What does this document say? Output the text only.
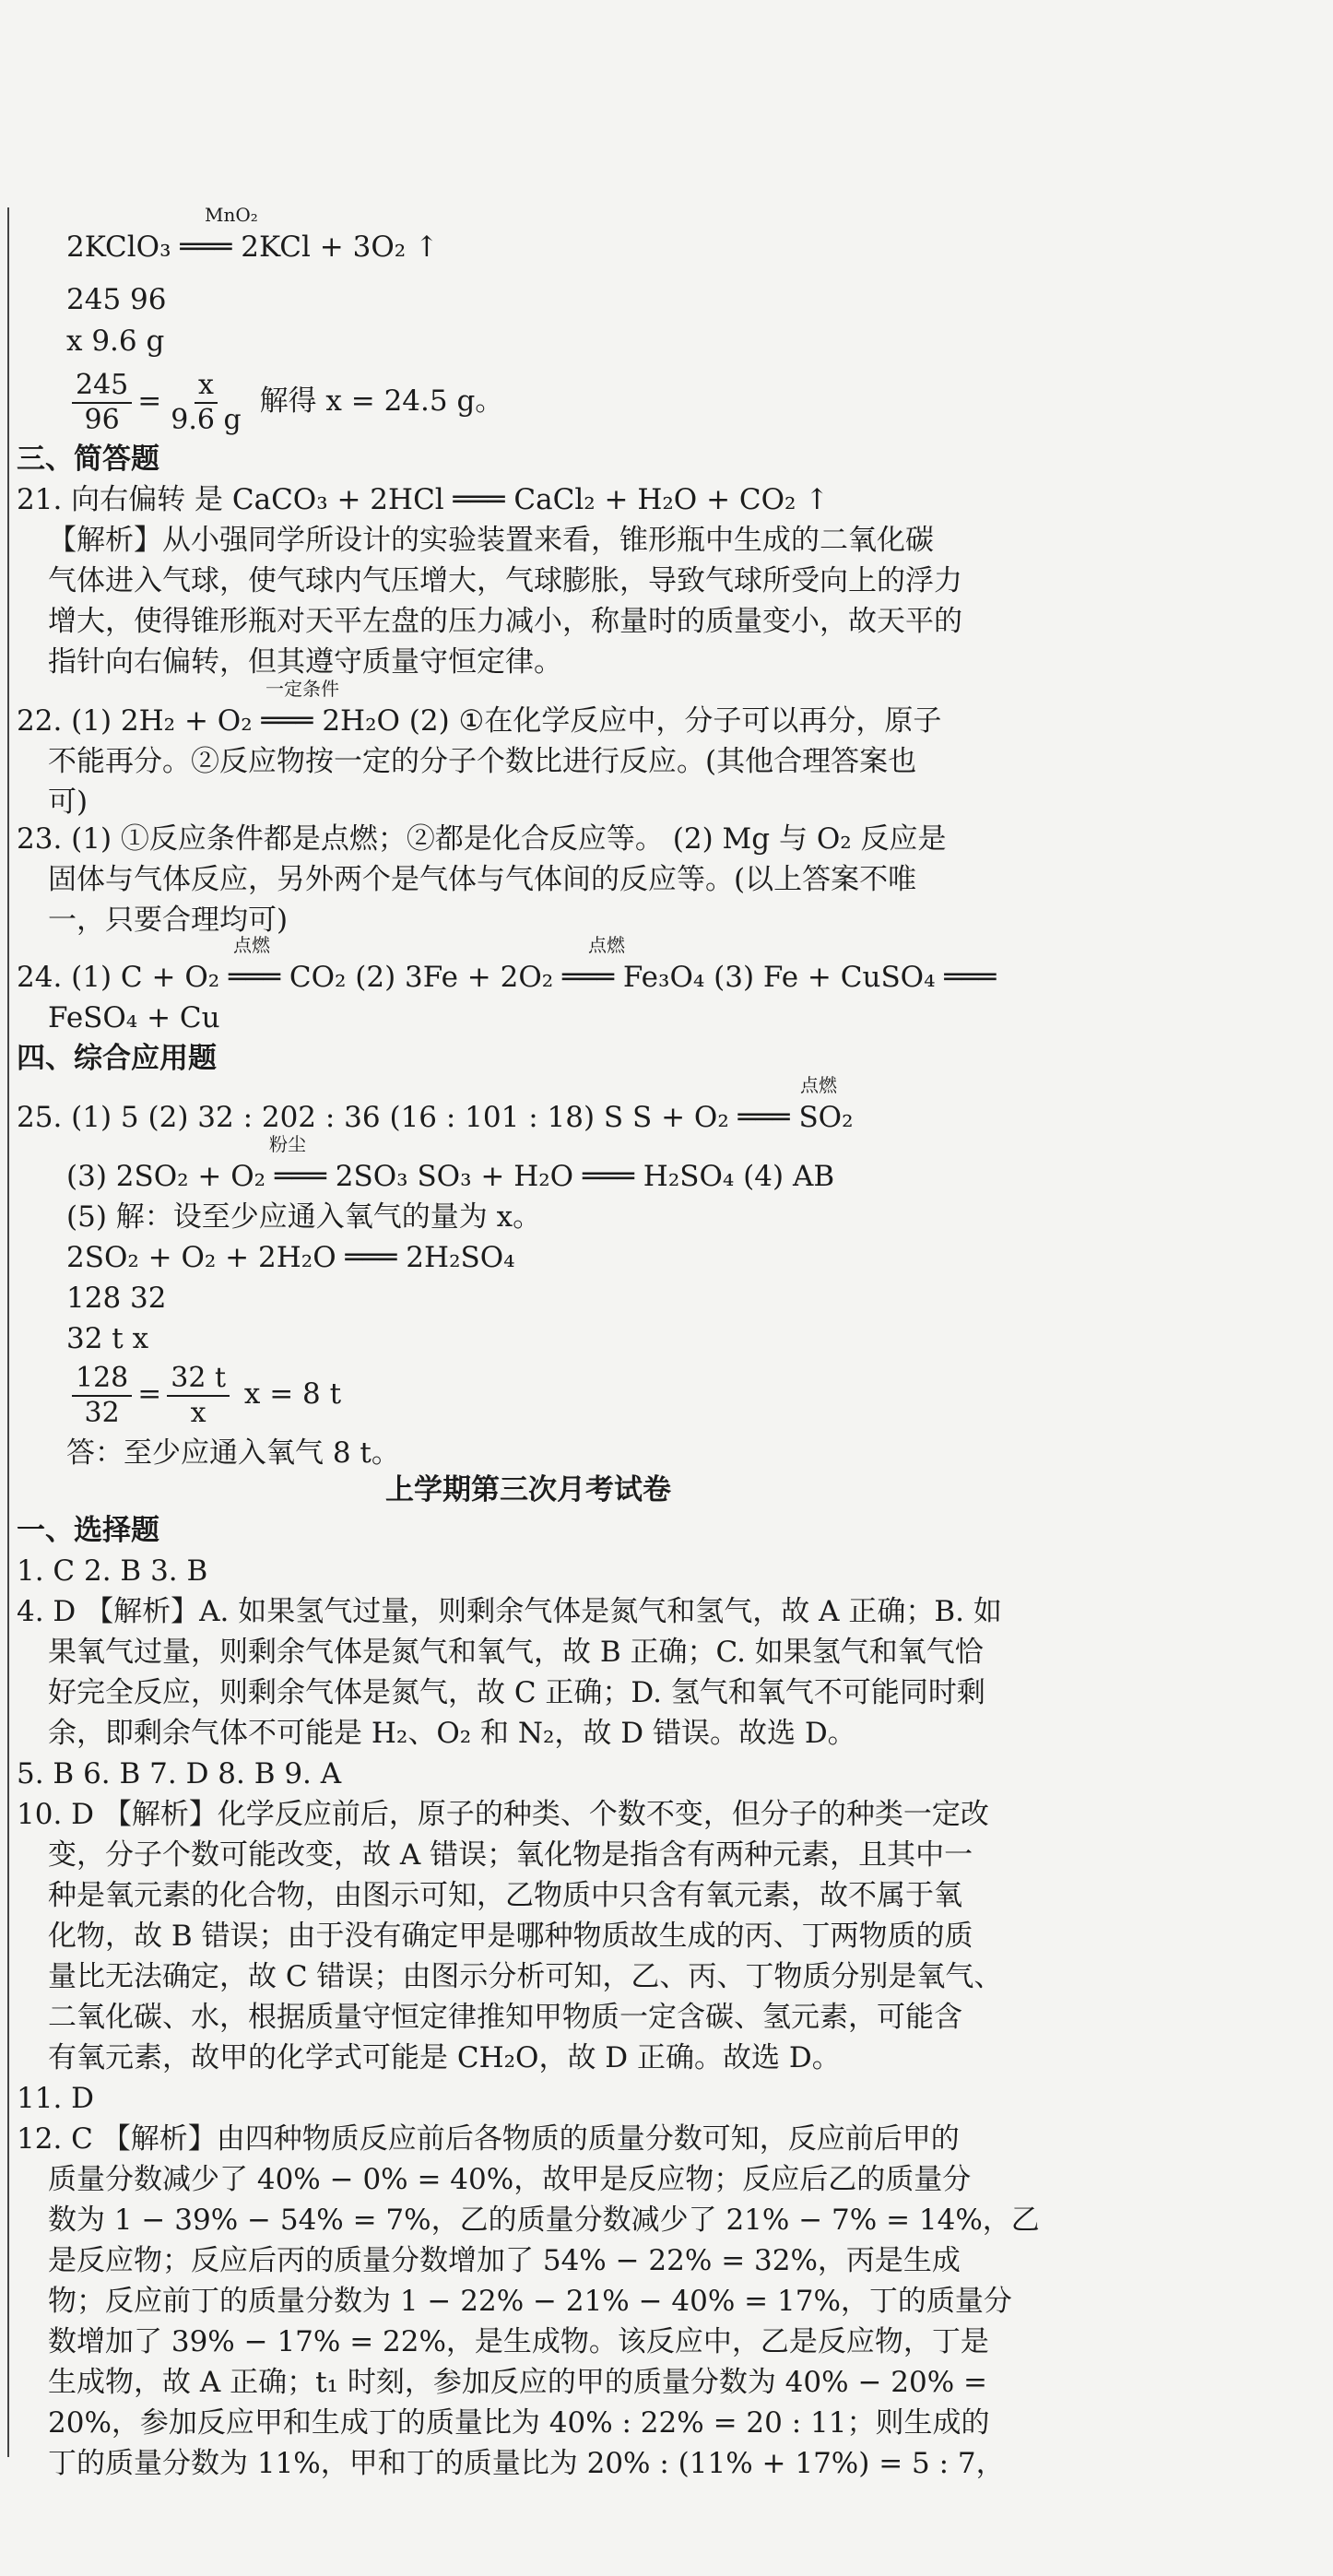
MnO₂
2KClO₃ ═══ 2KCl + 3O₂ ↑
245 96
x 9.6 g
$\frac{245}{96} = \frac{x}{9.6 g}$ 解得 x = 24.5 g。
三、简答题
21. 向右偏转 是 CaCO₃ + 2HCl ═══ CaCl₂ + H₂O + CO₂ ↑
【解析】从小强同学所设计的实验装置来看，锥形瓶中生成的二氧化碳
气体进入气球，使气球内气压增大，气球膨胀，导致气球所受向上的浮力
增大，使得锥形瓶对天平左盘的压力减小，称量时的质量变小，故天平的
指针向右偏转，但其遵守质量守恒定律。
一定条件
22. (1) 2H₂ + O₂ ═══ 2H₂O (2) ①在化学反应中，分子可以再分，原子
不能再分。②反应物按一定的分子个数比进行反应。(其他合理答案也
可)
23. (1) ①反应条件都是点燃；②都是化合反应等。 (2) Mg 与 O₂ 反应是
固体与气体反应，另外两个是气体与气体间的反应等。(以上答案不唯
一，只要合理均可)
点燃	点燃
24. (1) C + O₂ ═══ CO₂ (2) 3Fe + 2O₂ ═══ Fe₃O₄ (3) Fe + CuSO₄ ═══
FeSO₄ + Cu
四、综合应用题
点燃
25. (1) 5 (2) 32 : 202 : 36 (16 : 101 : 18) S S + O₂ ═══ SO₂
粉尘
(3) 2SO₂ + O₂ ═══ 2SO₃ SO₃ + H₂O ═══ H₂SO₄ (4) AB
(5) 解：设至少应通入氧气的量为 x。
2SO₂ + O₂ + 2H₂O ═══ 2H₂SO₄
128 32
32 t x
$\frac{128}{32} = \frac{32 t}{x}$ x = 8 t
答：至少应通入氧气 8 t。
上学期第三次月考试卷
一、选择题
1. C 2. B 3. B
4. D 【解析】A. 如果氢气过量，则剩余气体是氮气和氢气，故 A 正确；B. 如
果氧气过量，则剩余气体是氮气和氧气，故 B 正确；C. 如果氢气和氧气恰
好完全反应，则剩余气体是氮气，故 C 正确；D. 氢气和氧气不可能同时剩
余，即剩余气体不可能是 H₂、O₂ 和 N₂，故 D 错误。故选 D。
5. B 6. B 7. D 8. B 9. A
10. D 【解析】化学反应前后，原子的种类、个数不变，但分子的种类一定改
变，分子个数可能改变，故 A 错误；氧化物是指含有两种元素，且其中一
种是氧元素的化合物，由图示可知，乙物质中只含有氧元素，故不属于氧
化物，故 B 错误；由于没有确定甲是哪种物质故生成的丙、丁两物质的质
量比无法确定，故 C 错误；由图示分析可知，乙、丙、丁物质分别是氧气、
二氧化碳、水，根据质量守恒定律推知甲物质一定含碳、氢元素，可能含
有氧元素，故甲的化学式可能是 CH₂O，故 D 正确。故选 D。
11. D
12. C 【解析】由四种物质反应前后各物质的质量分数可知，反应前后甲的
质量分数减少了 40% − 0% = 40%，故甲是反应物；反应后乙的质量分
数为 1 − 39% − 54% = 7%，乙的质量分数减少了 21% − 7% = 14%，乙
是反应物；反应后丙的质量分数增加了 54% − 22% = 32%，丙是生成
物；反应前丁的质量分数为 1 − 22% − 21% − 40% = 17%，丁的质量分
数增加了 39% − 17% = 22%，是生成物。该反应中，乙是反应物，丁是
生成物，故 A 正确；t₁ 时刻，参加反应的甲的质量分数为 40% − 20% =
20%，参加反应甲和生成丁的质量比为 40% : 22% = 20 : 11；则生成的
丁的质量分数为 11%，甲和丁的质量比为 20% : (11% + 17%) = 5 : 7，
